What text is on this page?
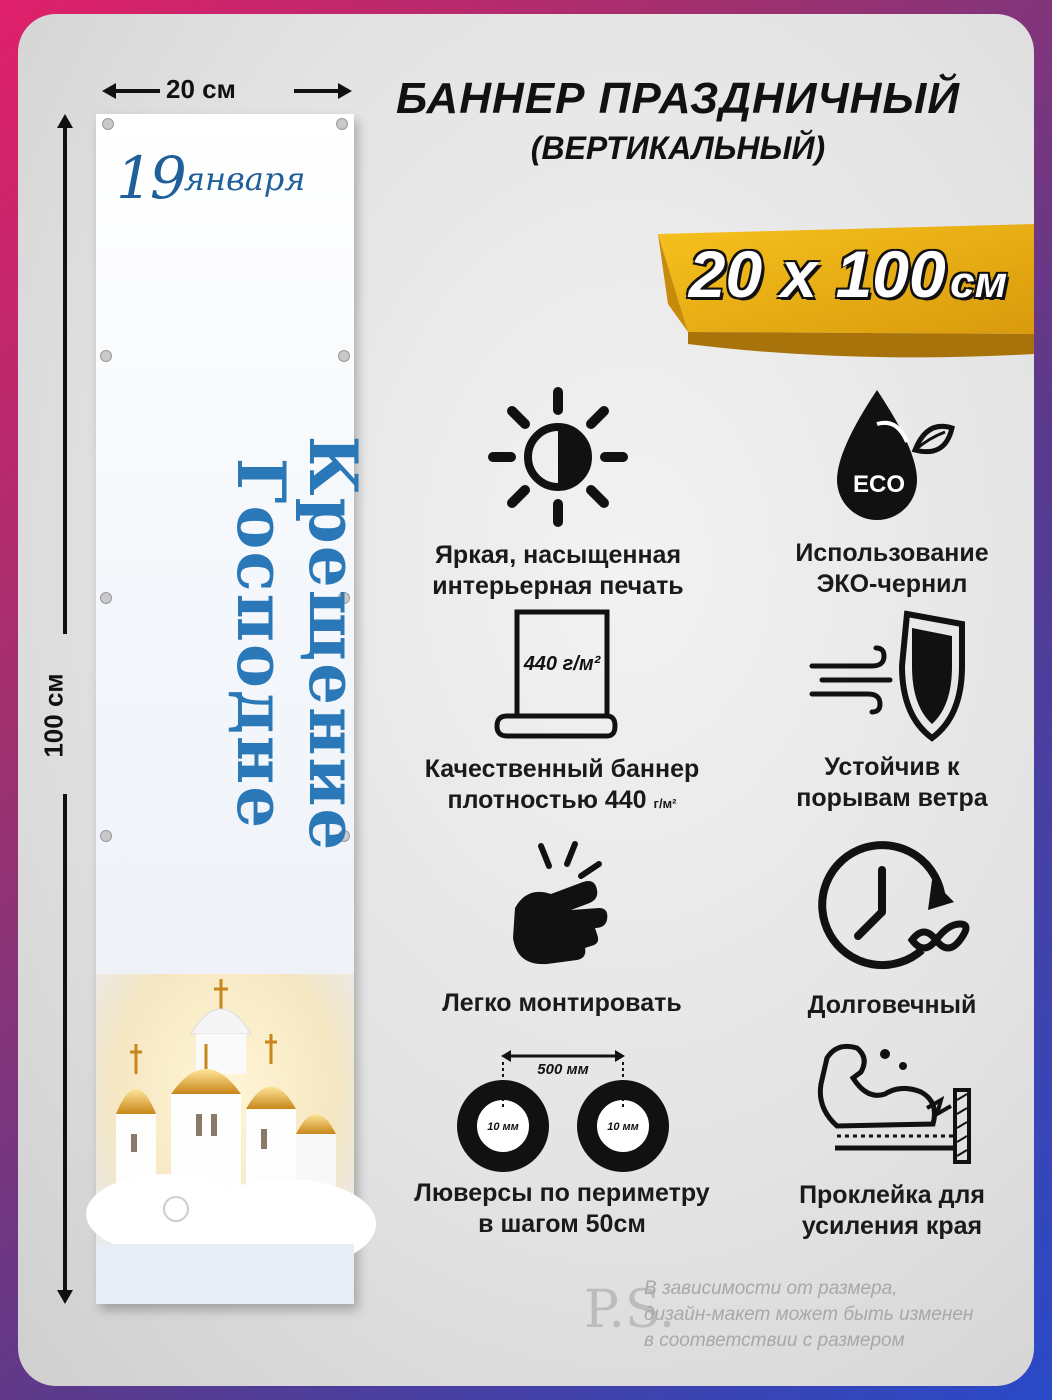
20 см
100 см
19января
Крещение
Господне
БАННЕР ПРАЗДНИЧНЫЙ
(ВЕРТИКАЛЬНЫЙ)
20 х 100 см
Яркая, насыщенная
интерьерная печать
ECO
Использование
ЭКО-чернил
440 г/м²
Качественный баннер
плотностью 440 г/м²
Устойчив к
порывам ветра
Легко монтировать	Долговечный
500 мм
10 мм	10 мм
Люверсы по периметру
в шагом 50см
Проклейка для
усиления края
P.S.
В зависимости от размера,
дизайн-макет может быть изменен
в соответствии с размером
